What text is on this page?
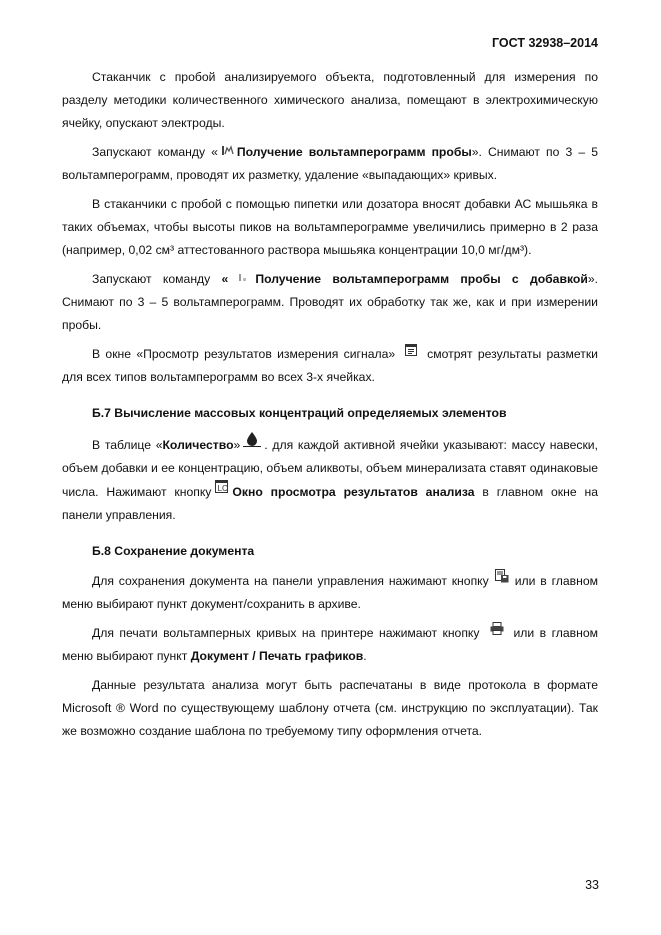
ГОСТ 32938–2014

Стаканчик с пробой анализируемого объекта, подготовленный для измерения по разделу методики количественного химического анализа, помещают в электрохимическую ячейку, опускают электроды.

Запускают команду « Получение вольтамперограмм пробы». Снимают по 3 – 5 вольтамперограмм, проводят их разметку, удаление «выпадающих» кривых.

В стаканчики с пробой с помощью пипетки или дозатора вносят добавки АС мышьяка в таких объемах, чтобы высоты пиков на вольтамперограмме увеличились примерно в 2 раза (например, 0,02 см³ аттестованного раствора мышьяка концентрации 10,0 мг/дм³).

Запускают команду « Получение вольтамперограмм пробы с добавкой». Снимают по 3 – 5 вольтамперограмм. Проводят их обработку так же, как и при измерении пробы.

В окне «Просмотр результатов измерения сигнала»	смотрят результаты разметки для всех типов вольтамперограмм во всех 3-х ячейках.

Б.7 Вычисление массовых концентраций определяемых элементов

В таблице «Количество» . для каждой активной ячейки указывают: массу навески, объем добавки и ее концентрацию, объем аликвоты, объем минерализата ставят одинаковые числа. Нажимают кнопку LC Окно просмотра результатов анализа в главном окне на панели управления.

Б.8 Сохранение документа

Для сохранения документа на панели управления нажимают кнопку или в главном меню выбирают пункт документ/сохранить в архиве.

Для печати вольтамперных кривых на принтере нажимают кнопку	или в главном меню выбирают пункт Документ / Печать графиков.

Данные результата анализа могут быть распечатаны в виде протокола в формате Microsoft ® Word по существующему шаблону отчета (см. инструкцию по эксплуатации). Так же возможно создание шаблона по требуемому типу оформления отчета.

33
